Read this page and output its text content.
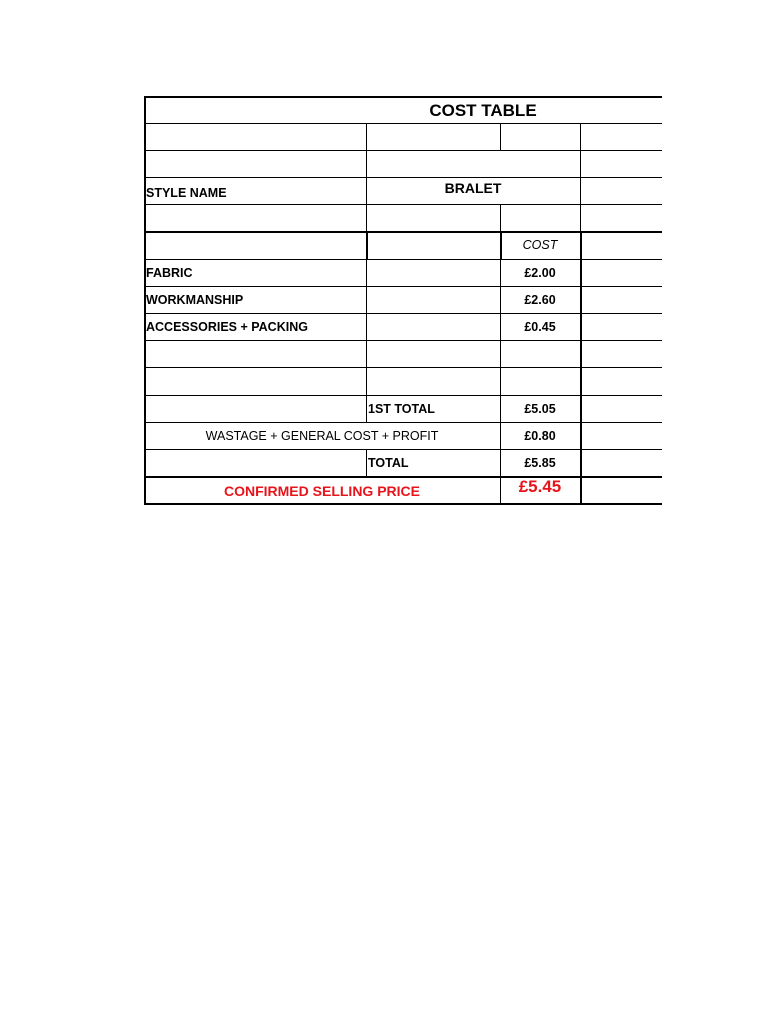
COST TABLE
STYLE NAME	BRALET
COST
FABRIC	£2.00
WORKMANSHIP	£2.60
ACCESSORIES + PACKING	£0.45
1ST TOTAL	£5.05
WASTAGE + GENERAL COST + PROFIT	£0.80
TOTAL	£5.85
CONFIRMED SELLING PRICE	£5.45
